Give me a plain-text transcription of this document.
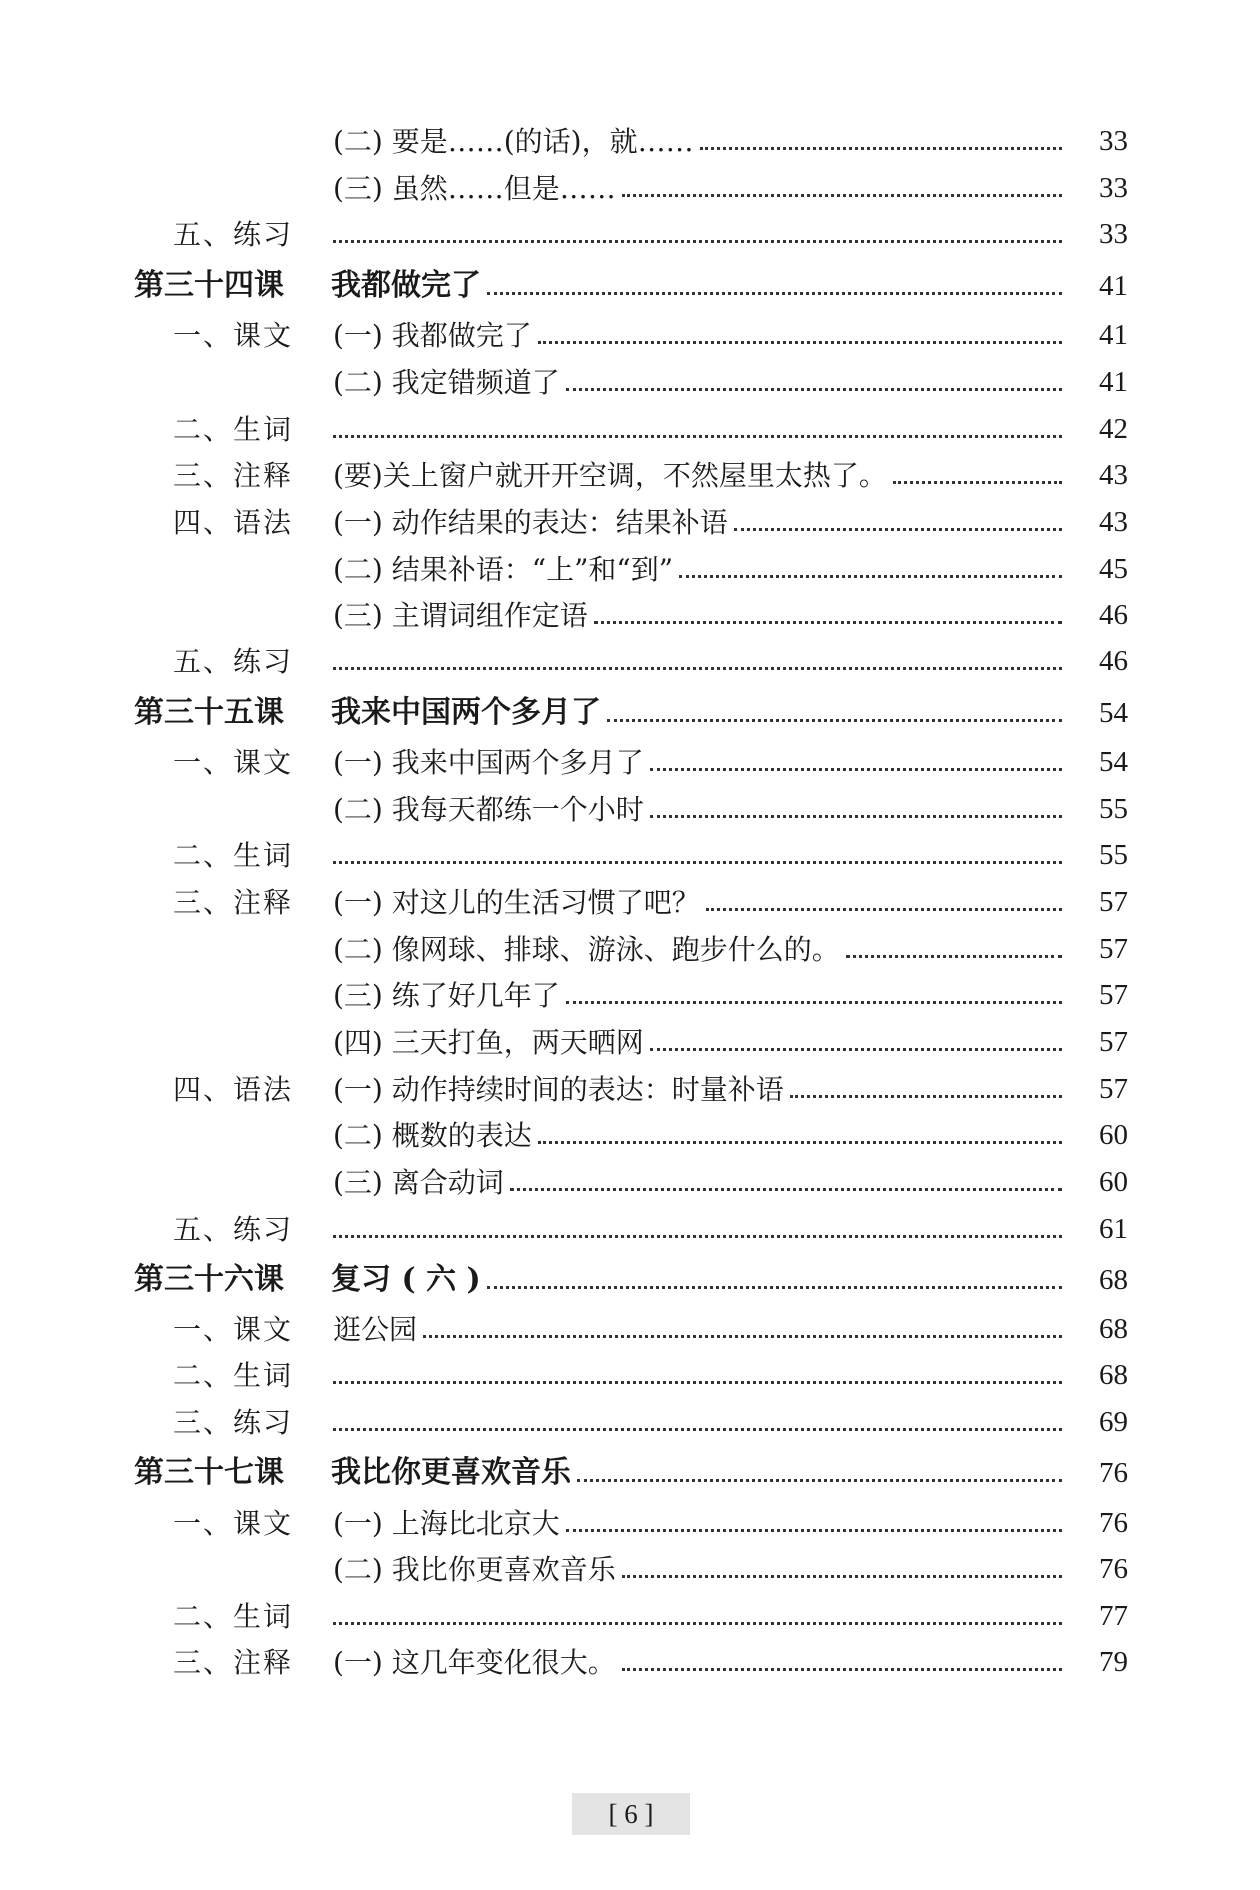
(二) 要是……(的话)，就……	33
(三) 虽然……但是……	33
五、练习	33
第三十四课 我都做完了	41
一、课文 (一) 我都做完了	41
(二) 我定错频道了	41
二、生词	42
三、注释 (要)关上窗户就开开空调，不然屋里太热了。	43
四、语法 (一) 动作结果的表达：结果补语	43
(二) 结果补语：“上”和“到”	45
(三) 主谓词组作定语	46
五、练习	46
第三十五课 我来中国两个多月了	54
一、课文 (一) 我来中国两个多月了	54
(二) 我每天都练一个小时	55
二、生词	55
三、注释 (一) 对这儿的生活习惯了吧？	57
(二) 像网球、排球、游泳、跑步什么的。	57
(三) 练了好几年了	57
(四) 三天打鱼，两天晒网	57
四、语法 (一) 动作持续时间的表达：时量补语	57
(二) 概数的表达	60
(三) 离合动词	60
五、练习	61
第三十六课 复习 ( 六 )	68
一、课文 逛公园	68
二、生词	68
三、练习	69
第三十七课 我比你更喜欢音乐	76
一、课文 (一) 上海比北京大	76
(二) 我比你更喜欢音乐	76
二、生词	77
三、注释 (一) 这几年变化很大。	79
[ 6 ]
